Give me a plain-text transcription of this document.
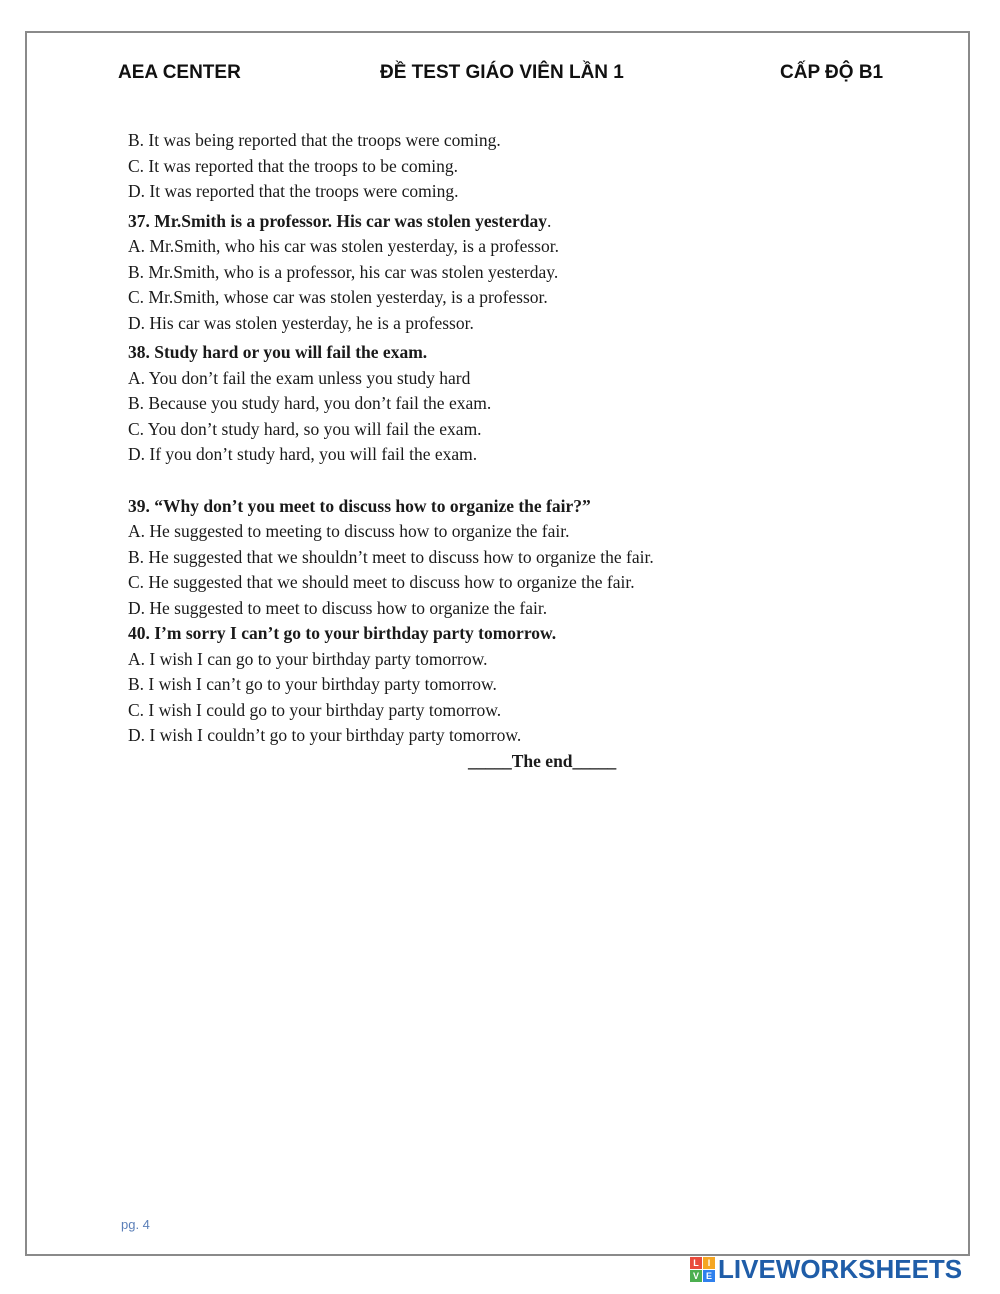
AEA CENTER	ĐỀ TEST GIÁO VIÊN LẦN 1	CẤP ĐỘ B1
B. It was being reported that the troops were coming.
C. It was reported that the troops to be coming.
D. It was reported that the troops were coming.
37. Mr.Smith is a professor. His car was stolen yesterday.
A. Mr.Smith, who his car was stolen yesterday, is a professor.
B. Mr.Smith, who is a professor, his car was stolen yesterday.
C. Mr.Smith, whose car was stolen yesterday, is a professor.
D. His car was stolen yesterday, he is a professor.
38. Study hard or you will fail the exam.
A. You don’t fail the exam unless you study hard
B. Because you study hard, you don’t fail the exam.
C. You don’t study hard, so you will fail the exam.
D. If you don’t study hard, you will fail the exam.
39. “Why don’t you meet to discuss how to organize the fair?”
A. He suggested to meeting to discuss how to organize the fair.
B. He suggested that we shouldn’t meet to discuss how to organize the fair.
C. He suggested that we should meet to discuss how to organize the fair.
D. He suggested to meet to discuss how to organize the fair.
40. I’m sorry I can’t go to your birthday party tomorrow.
A. I wish I can go to your birthday party tomorrow.
B. I wish I can’t go to your birthday party tomorrow.
C. I wish I could go to your birthday party tomorrow.
D. I wish I couldn’t go to your birthday party tomorrow.
_____The end_____
pg. 4
L I
V E LIVEWORKSHEETS
